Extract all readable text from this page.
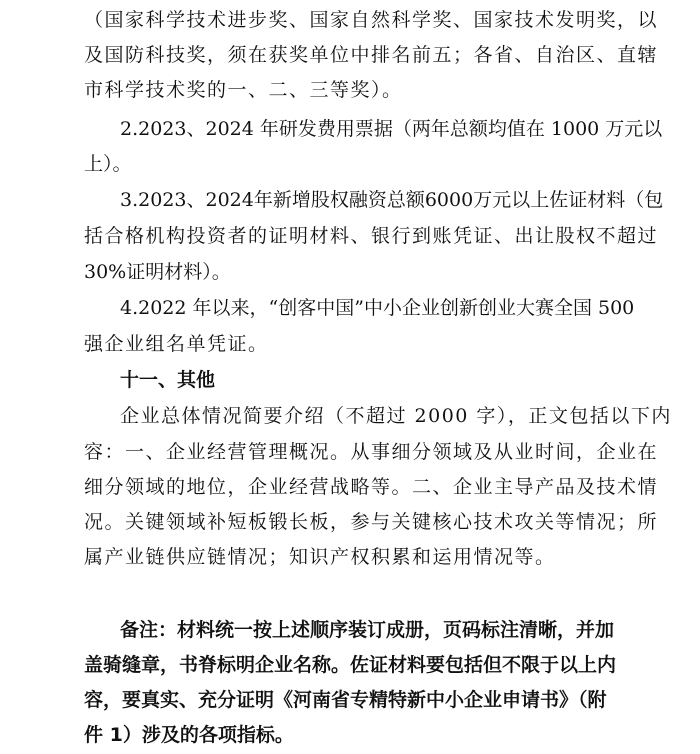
（国家科学技术进步奖、国家自然科学奖、国家技术发明奖，以
及国防科技奖，须在获奖单位中排名前五；各省、自治区、直辖
市科学技术奖的一、二、三等奖）。
2.2023、2024 年研发费用票据（两年总额均值在 1000 万元以
上）。
3.2023、2024年新增股权融资总额6000万元以上佐证材料（包
括合格机构投资者的证明材料、银行到账凭证、出让股权不超过
30%证明材料）。
4.2022 年以来，“创客中国”中小企业创新创业大赛全国 500
强企业组名单凭证。
十一、其他
企业总体情况简要介绍（不超过 2000 字），正文包括以下内
容：一、企业经营管理概况。从事细分领域及从业时间，企业在
细分领域的地位，企业经营战略等。二、企业主导产品及技术情
况。关键领域补短板锻长板，参与关键核心技术攻关等情况；所
属产业链供应链情况；知识产权积累和运用情况等。
备注：材料统一按上述顺序装订成册，页码标注清晰，并加
盖骑缝章，书脊标明企业名称。佐证材料要包括但不限于以上内
容，要真实、充分证明《河南省专精特新中小企业申请书》（附
件 1）涉及的各项指标。
